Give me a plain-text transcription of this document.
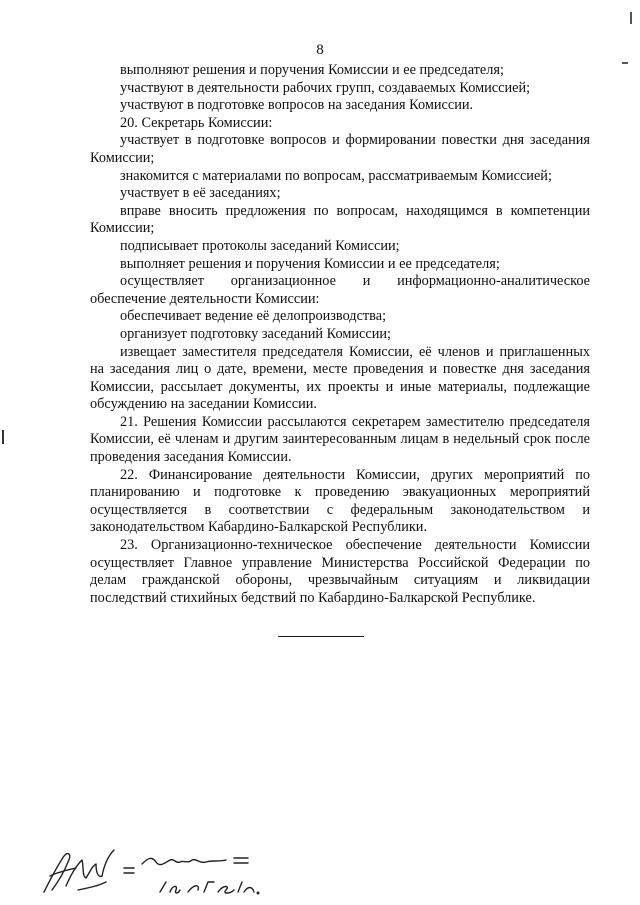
8

выполняют решения и поручения Комиссии и ее председателя;

участвуют в деятельности рабочих групп, создаваемых Комиссией;

участвуют в подготовке вопросов на заседания Комиссии.

20. Секретарь Комиссии:

участвует в подготовке вопросов и формировании повестки дня заседания Комиссии;

знакомится с материалами по вопросам, рассматриваемым Комиссией;

участвует в её заседаниях;

вправе вносить предложения по вопросам, находящимся в компетенции Комиссии;

подписывает протоколы заседаний Комиссии;

выполняет решения и поручения Комиссии и ее председателя;

осуществляет организационное и информационно-аналитическое обеспечение деятельности Комиссии:

обеспечивает ведение её делопроизводства;

организует подготовку заседаний Комиссии;

извещает заместителя председателя Комиссии, её членов и приглашенных на заседания лиц о дате, времени, месте проведения и повестке дня заседания Комиссии, рассылает документы, их проекты и иные материалы, подлежащие обсуждению на заседании Комиссии.

21. Решения Комиссии рассылаются секретарем заместителю председателя Комиссии, её членам и другим заинтересованным лицам в недельный срок после проведения заседания Комиссии.

22. Финансирование деятельности Комиссии, других мероприятий по планированию и подготовке к проведению эвакуационных мероприятий осуществляется в соответствии с федеральным законодательством и законодательством Кабардино-Балкарской Республики.

23. Организационно-техническое обеспечение деятельности Комиссии осуществляет Главное управление Министерства Российской Федерации по делам гражданской обороны, чрезвычайным ситуациям и ликвидации последствий стихийных бедствий по Кабардино-Балкарской Республике.
